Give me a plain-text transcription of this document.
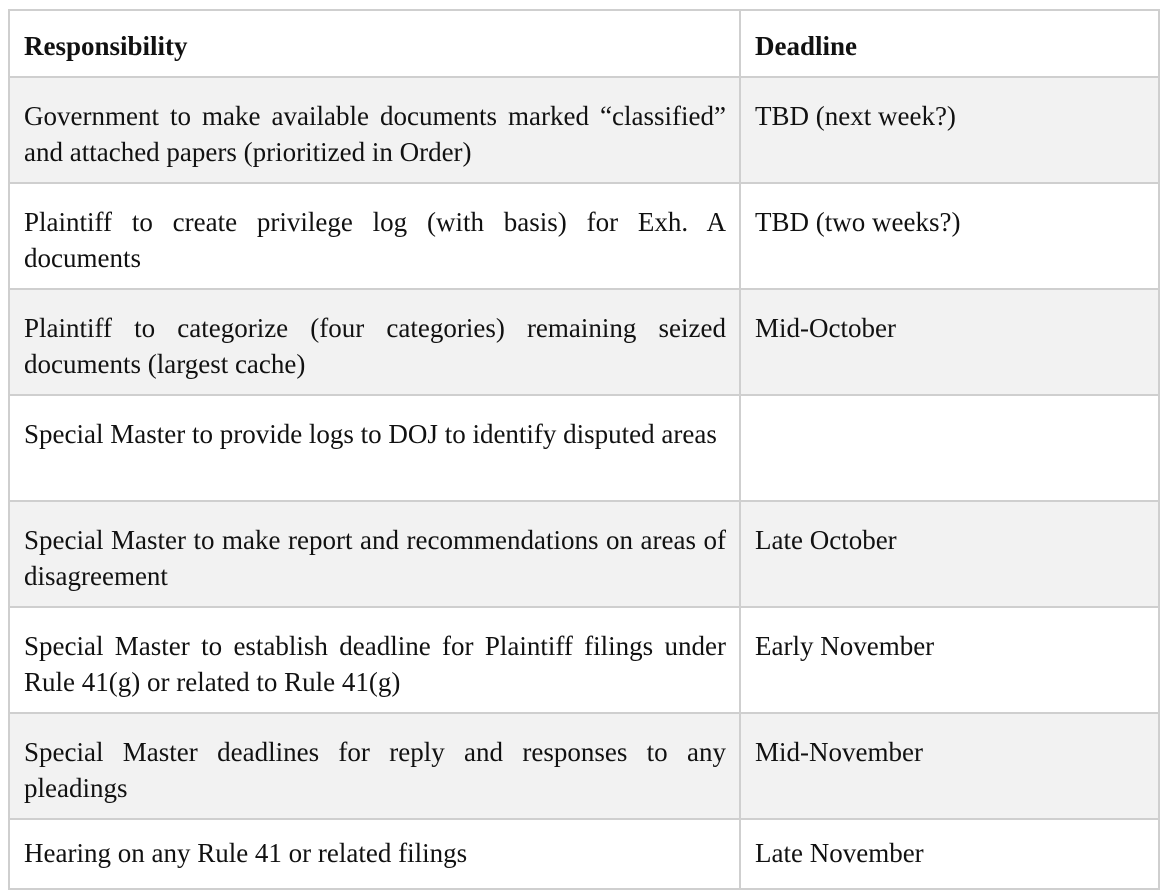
Responsibility	Deadline
Government to make available documents marked “classified” and attached papers (prioritized in Order)	TBD (next week?)
Plaintiff to create privilege log (with basis) for Exh. A documents	TBD (two weeks?)
Plaintiff to categorize (four categories) remaining seized documents (largest cache)	Mid-October
Special Master to provide logs to DOJ to identify disputed areas	
Special Master to make report and recommendations on areas of disagreement	Late October
Special Master to establish deadline for Plaintiff filings under Rule 41(g) or related to Rule 41(g)	Early November
Special Master deadlines for reply and responses to any pleadings	Mid-November
Hearing on any Rule 41 or related filings	Late November
